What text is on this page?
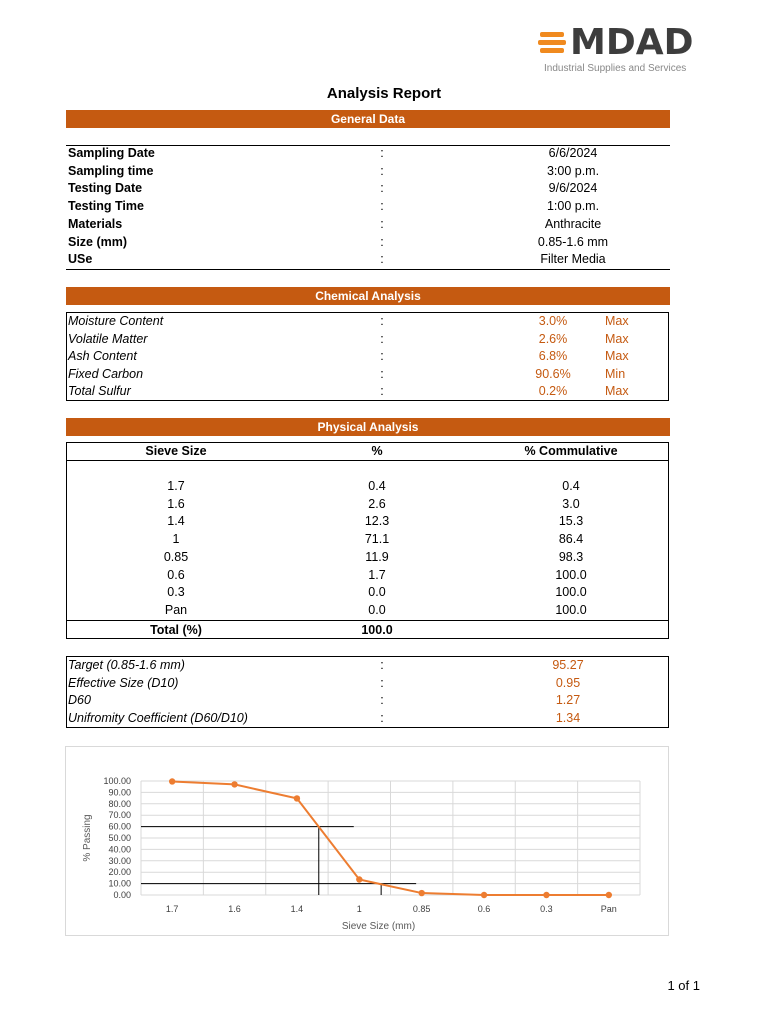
MDAD
Industrial Supplies and Services
Analysis Report
General Data
Sampling Date	:	6/6/2024
Sampling time	:	3:00 p.m.
Testing Date	:	9/6/2024
Testing Time	:	1:00 p.m.
Materials	:	Anthracite
Size (mm)	:	0.85-1.6 mm
USe	:	Filter Media
Chemical Analysis
Moisture Content	:	3.0%	Max
Volatile Matter	:	2.6%	Max
Ash Content	:	6.8%	Max
Fixed Carbon	:	90.6%	Min
Total Sulfur	:	0.2%	Max
Physical Analysis
Sieve Size	%	% Commulative
1.7	0.4	0.4
1.6	2.6	3.0
1.4	12.3	15.3
1	71.1	86.4
0.85	11.9	98.3
0.6	1.7	100.0
0.3	0.0	100.0
Pan	0.0	100.0
Total (%)	100.0
Target (0.85-1.6 mm)	:	95.27
Effective Size (D10)	:	0.95
D60	:	1.27
Unifromity Coefficient (D60/D10)	:	1.34
0.00
10.00
20.00
30.00
40.00
50.00
60.00
70.00
80.00
90.00
100.00
1.7	1.6	1.4	1	0.85	0.6	0.3	Pan
Sieve Size (mm)
% Passing
1 of 1
